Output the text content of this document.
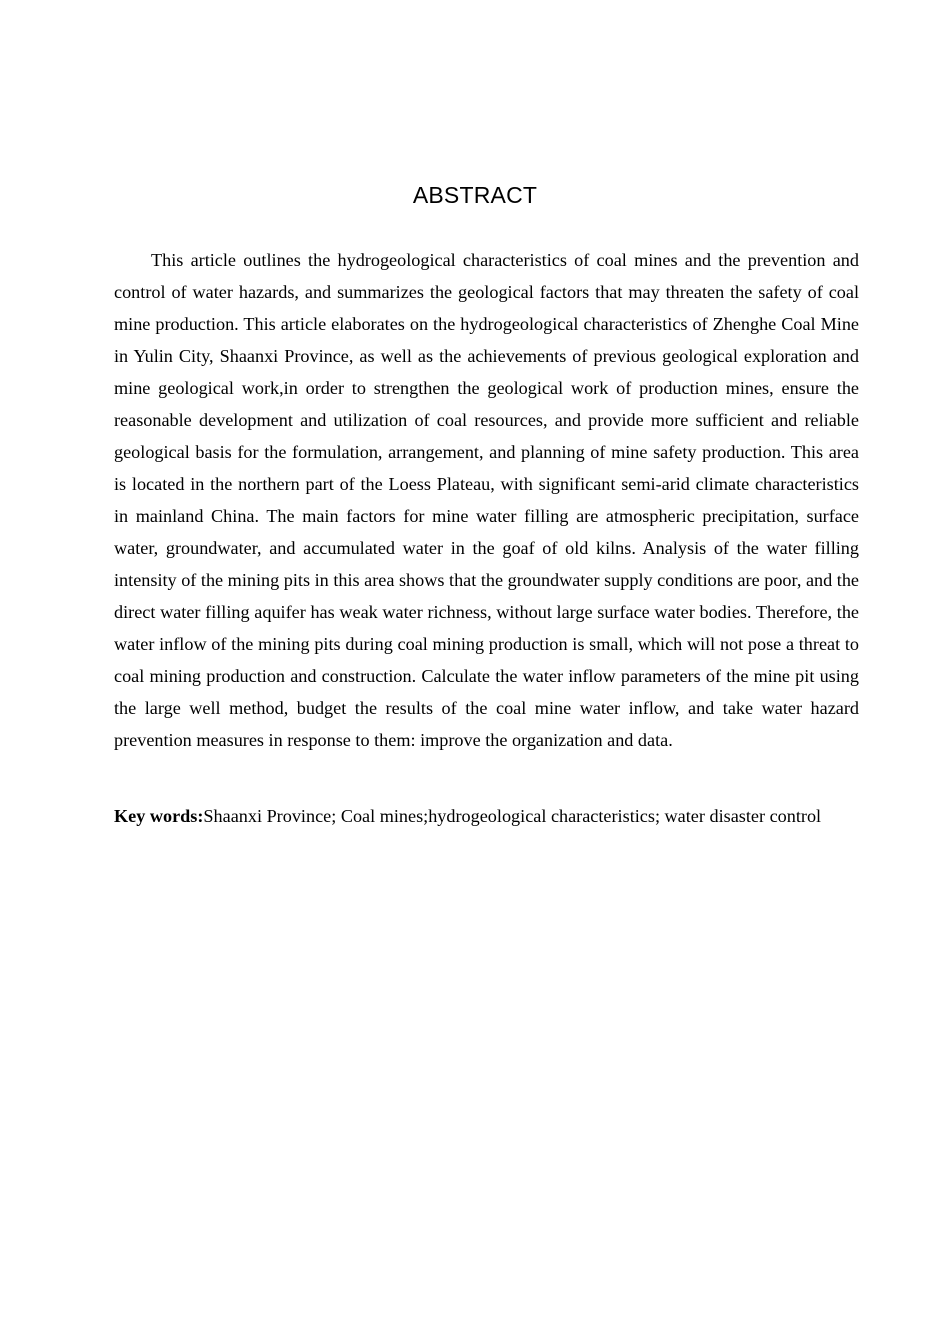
ABSTRACT

This article outlines the hydrogeological characteristics of coal mines and the prevention and control of water hazards, and summarizes the geological factors that may threaten the safety of coal mine production. This article elaborates on the hydrogeological characteristics of Zhenghe Coal Mine in Yulin City, Shaanxi Province, as well as the achievements of previous geological exploration and mine geological work,in order to strengthen the geological work of production mines, ensure the reasonable development and utilization of coal resources, and provide more sufficient and reliable geological basis for the formulation, arrangement, and planning of mine safety production. This area is located in the northern part of the Loess Plateau, with significant semi-arid climate characteristics in mainland China. The main factors for mine water filling are atmospheric precipitation, surface water, groundwater, and accumulated water in the goaf of old kilns. Analysis of the water filling intensity of the mining pits in this area shows that the groundwater supply conditions are poor, and the direct water filling aquifer has weak water richness, without large surface water bodies. Therefore, the water inflow of the mining pits during coal mining production is small, which will not pose a threat to coal mining production and construction. Calculate the water inflow parameters of the mine pit using the large well method, budget the results of the coal mine water inflow, and take water hazard prevention measures in response to them: improve the organization and data.

Key words:Shaanxi Province; Coal mines;hydrogeological characteristics; water disaster control
